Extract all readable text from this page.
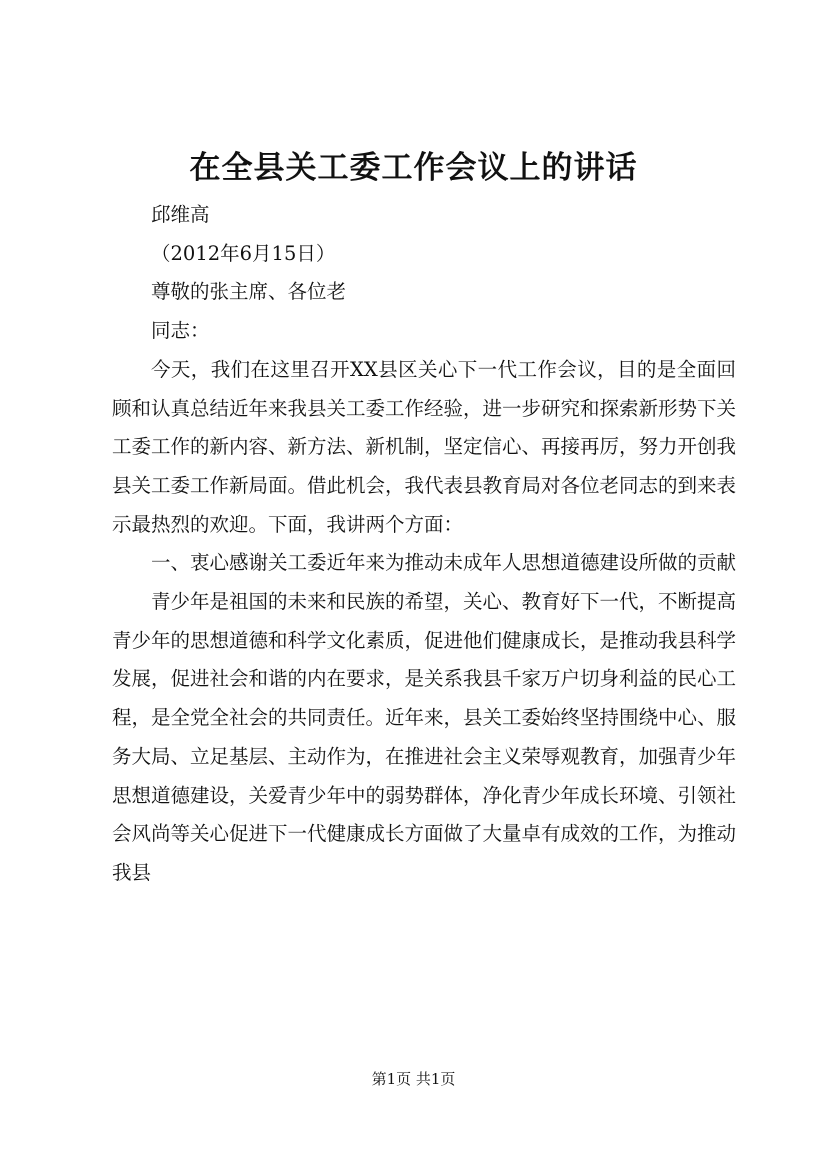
在全县关工委工作会议上的讲话

邱维高

（2012年6月15日）

尊敬的张主席、各位老

同志：

今天，我们在这里召开XX县区关心下一代工作会议，目的是全面回顾和认真总结近年来我县关工委工作经验，进一步研究和探索新形势下关工委工作的新内容、新方法、新机制，坚定信心、再接再厉，努力开创我县关工委工作新局面。借此机会，我代表县教育局对各位老同志的到来表示最热烈的欢迎。下面，我讲两个方面：

一、衷心感谢关工委近年来为推动未成年人思想道德建设所做的贡献

青少年是祖国的未来和民族的希望，关心、教育好下一代，不断提高青少年的思想道德和科学文化素质，促进他们健康成长，是推动我县科学发展，促进社会和谐的内在要求，是关系我县千家万户切身利益的民心工程，是全党全社会的共同责任。近年来，县关工委始终坚持围绕中心、服务大局、立足基层、主动作为，在推进社会主义荣辱观教育，加强青少年思想道德建设，关爱青少年中的弱势群体，净化青少年成长环境、引领社会风尚等关心促进下一代健康成长方面做了大量卓有成效的工作，为推动我县

第1页 共1页
